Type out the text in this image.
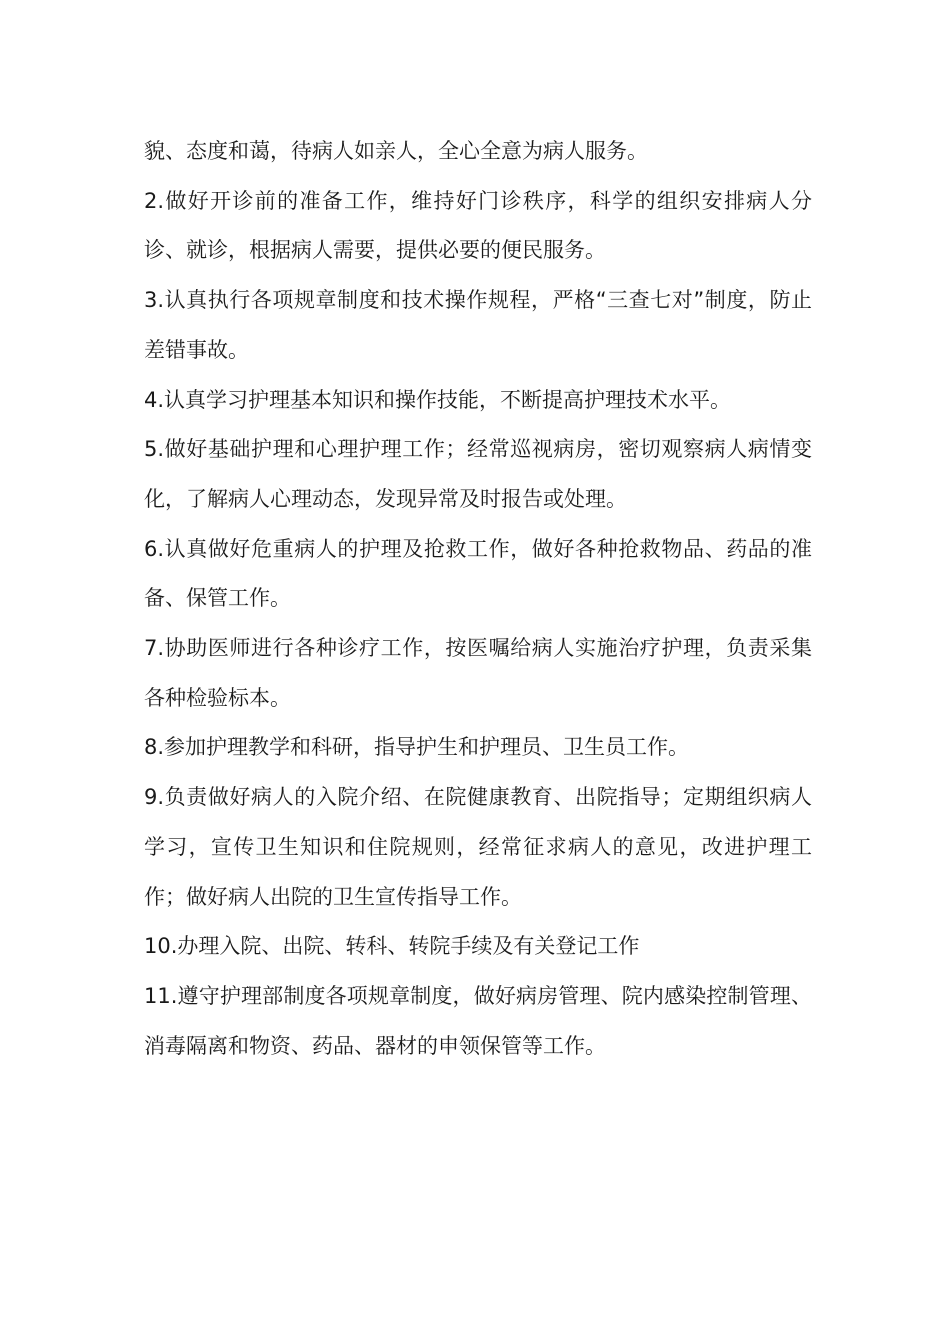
貌、态度和蔼，待病人如亲人，全心全意为病人服务。

2.做好开诊前的准备工作，维持好门诊秩序，科学的组织安排病人分诊、就诊，根据病人需要，提供必要的便民服务。

3.认真执行各项规章制度和技术操作规程，严格“三查七对”制度，防止差错事故。

4.认真学习护理基本知识和操作技能，不断提高护理技术水平。

5.做好基础护理和心理护理工作；经常巡视病房，密切观察病人病情变化，了解病人心理动态，发现异常及时报告或处理。

6.认真做好危重病人的护理及抢救工作，做好各种抢救物品、药品的准备、保管工作。

7.协助医师进行各种诊疗工作，按医嘱给病人实施治疗护理，负责采集各种检验标本。

8.参加护理教学和科研，指导护生和护理员、卫生员工作。

9.负责做好病人的入院介绍、在院健康教育、出院指导；定期组织病人学习，宣传卫生知识和住院规则，经常征求病人的意见，改进护理工作；做好病人出院的卫生宣传指导工作。

10.办理入院、出院、转科、转院手续及有关登记工作

11.遵守护理部制度各项规章制度，做好病房管理、院内感染控制管理、消毒隔离和物资、药品、器材的申领保管等工作。
